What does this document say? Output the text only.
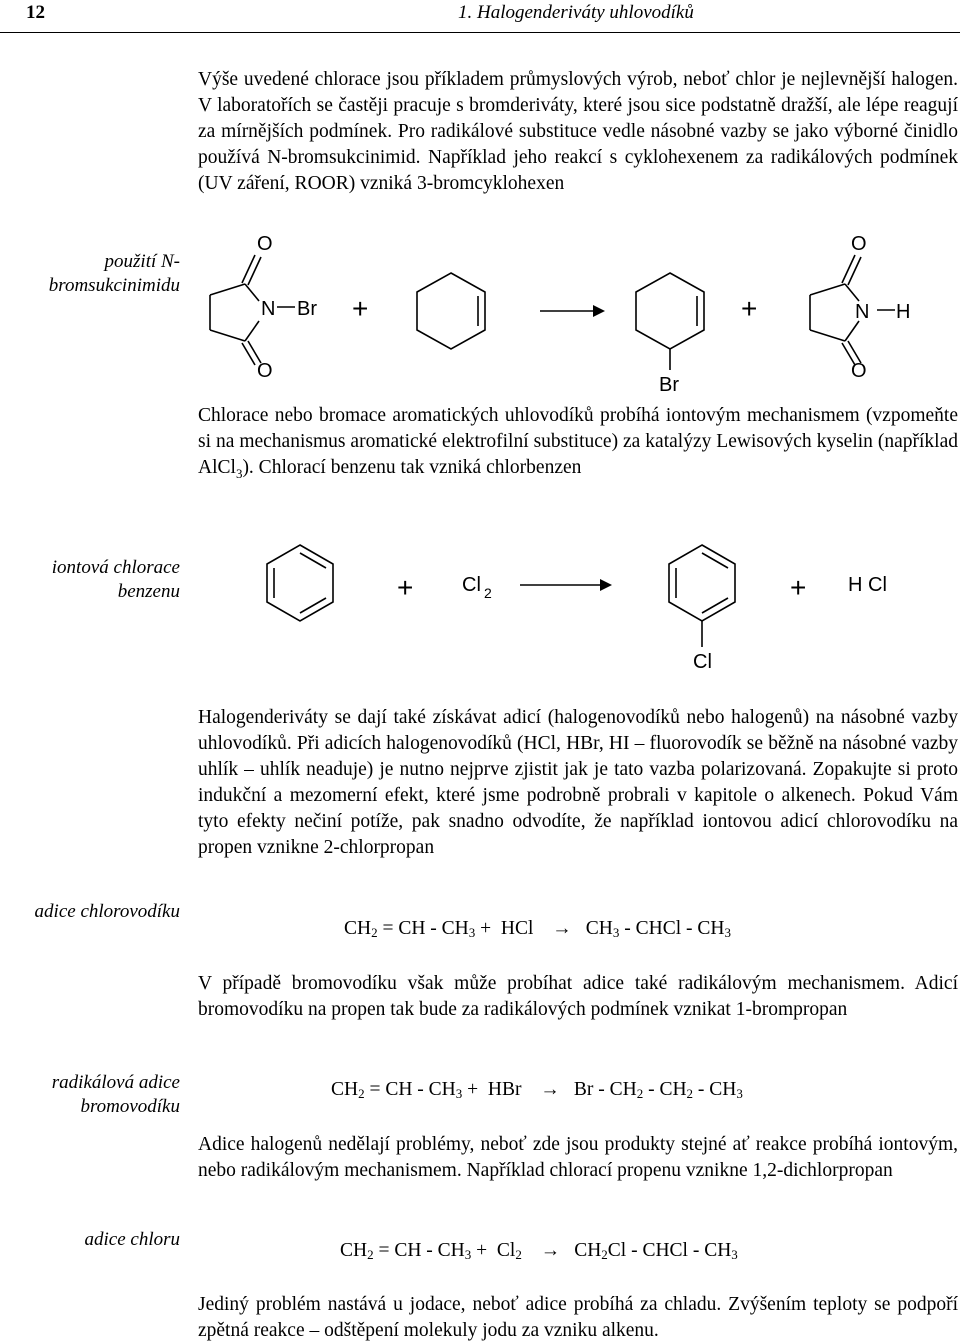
12	1. Halogenderiváty uhlovodíků
Výše uvedené chlorace jsou příkladem průmyslových výrob, neboť chlor je nejlevnější halogen. V laboratořích se častěji pracuje s bromderiváty, které jsou sice podstatně dražší, ale lépe reagují za mírnějších podmínek. Pro radikálové substituce vedle násobné vazby se jako výborné činidlo používá N-bromsukcinimid. Například jeho reakcí s cyklohexenem za radikálových podmínek (UV záření, ROOR) vzniká 3-bromcyklohexen
použití N-
bromsukcinimidu
O
N Br
O
+
Br
+
O
N H
O
Chlorace nebo bromace aromatických uhlovodíků probíhá iontovým mechanismem (vzpomeňte si na mechanismus aromatické elektrofilní substituce) za katalýzy Lewisových kyselin (například AlCl$_3$). Chlorací benzenu tak vzniká chlorbenzen
iontová chlorace
benzenu	+ Cl 2	+ H Cl
Cl
Halogenderiváty se dají také získávat adicí (halogenovodíků nebo halogenů) na násobné vazby uhlovodíků. Při adicích halogenovodíků (HCl, HBr, HI – fluorovodík se běžně na násobné vazby uhlík – uhlík neaduje) je nutno nejprve zjistit jak je tato vazba polarizovaná. Zopakujte si proto indukční a mezomerní efekt, které jsme podrobně probrali v kapitole o alkenech. Pokud Vám tyto efekty nečiní potíže, pak snadno odvodíte, že například iontovou adicí chlorovodíku na propen vznikne 2-chlorpropan
adice chlorovodíku
$CH_2$ = CH - $CH_3$ +  HCl → $CH_3$ - CHCl - $CH_3$
V případě bromovodíku však může probíhat adice také radikálovým mechanismem. Adicí bromovodíku na propen tak bude za radikálových podmínek vznikat 1-brompropan
radikálová adice
bromovodíku
$CH_2$ = CH - $CH_3$ +  HBr → Br - $CH_2 - CH_2 - CH_3$
Adice halogenů nedělají problémy, neboť zde jsou produkty stejné ať reakce probíhá iontovým, nebo radikálovým mechanismem. Například chlorací propenu vznikne 1,2-dichlorpropan
adice chloru
$CH_2$ = CH - $CH_3 + Cl_2 \to CH_2Cl$ - CHCl - $CH_3$
Jediný problém nastává u jodace, neboť adice probíhá za chladu. Zvýšením teploty se podpoří zpětná reakce – odštěpení molekuly jodu za vzniku alkenu.
